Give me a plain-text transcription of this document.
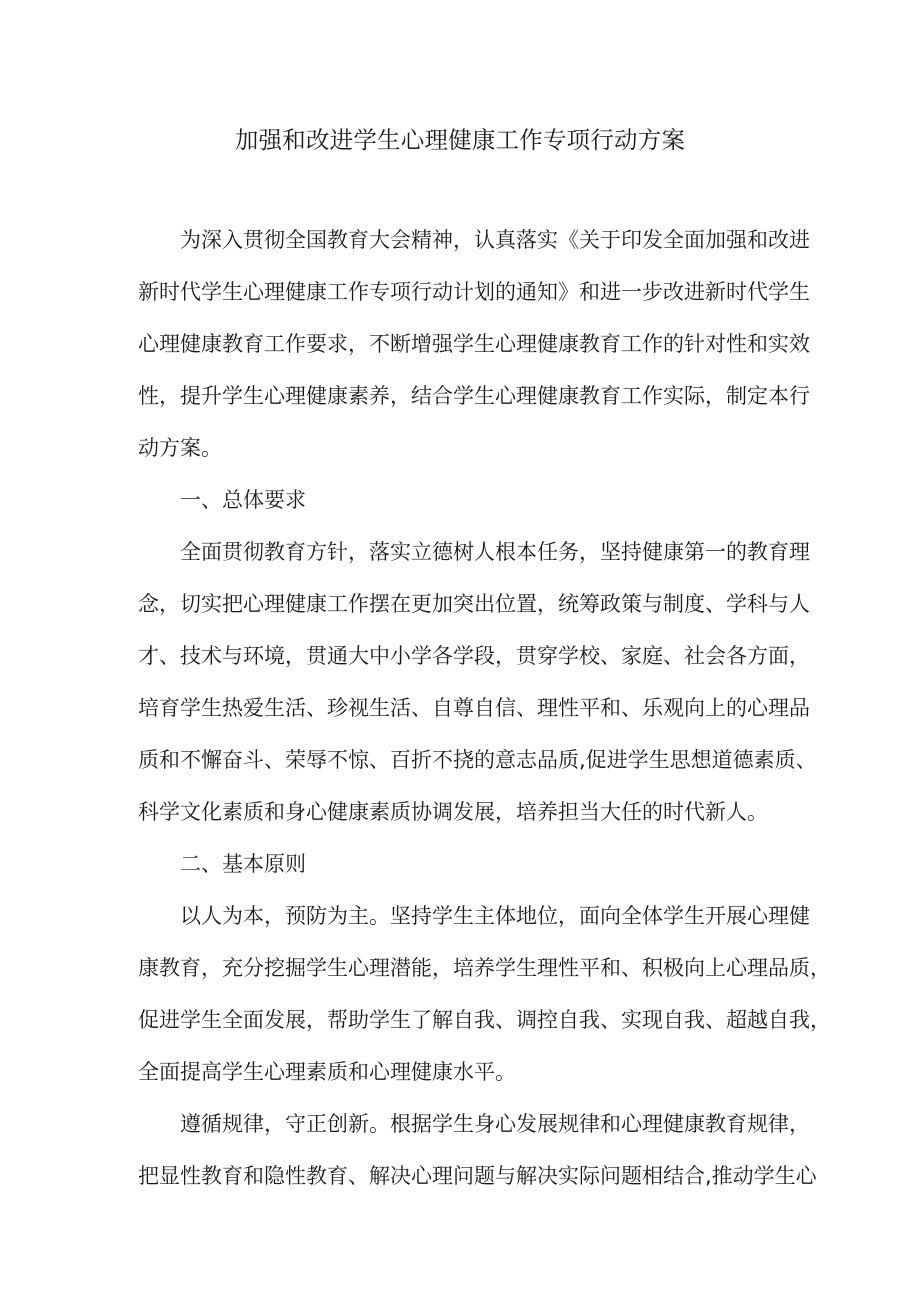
加强和改进学生心理健康工作专项行动方案
为深入贯彻全国教育大会精神，认真落实《关于印发全面加强和改进
新时代学生心理健康工作专项行动计划的通知》和进一步改进新时代学生
心理健康教育工作要求，不断增强学生心理健康教育工作的针对性和实效
性，提升学生心理健康素养，结合学生心理健康教育工作实际，制定本行
动方案。
一、总体要求
全面贯彻教育方针，落实立德树人根本任务，坚持健康第一的教育理
念，切实把心理健康工作摆在更加突出位置，统筹政策与制度、学科与人
才、技术与环境，贯通大中小学各学段，贯穿学校、家庭、社会各方面，
培育学生热爱生活、珍视生活、自尊自信、理性平和、乐观向上的心理品
质和不懈奋斗、荣辱不惊、百折不挠的意志品质,促进学生思想道德素质、
科学文化素质和身心健康素质协调发展，培养担当大任的时代新人。
二、基本原则
以人为本，预防为主。坚持学生主体地位，面向全体学生开展心理健
康教育，充分挖掘学生心理潜能，培养学生理性平和、积极向上心理品质，
促进学生全面发展，帮助学生了解自我、调控自我、实现自我、超越自我，
全面提高学生心理素质和心理健康水平。
遵循规律，守正创新。根据学生身心发展规律和心理健康教育规律，
把显性教育和隐性教育、解决心理问题与解决实际问题相结合,推动学生心
